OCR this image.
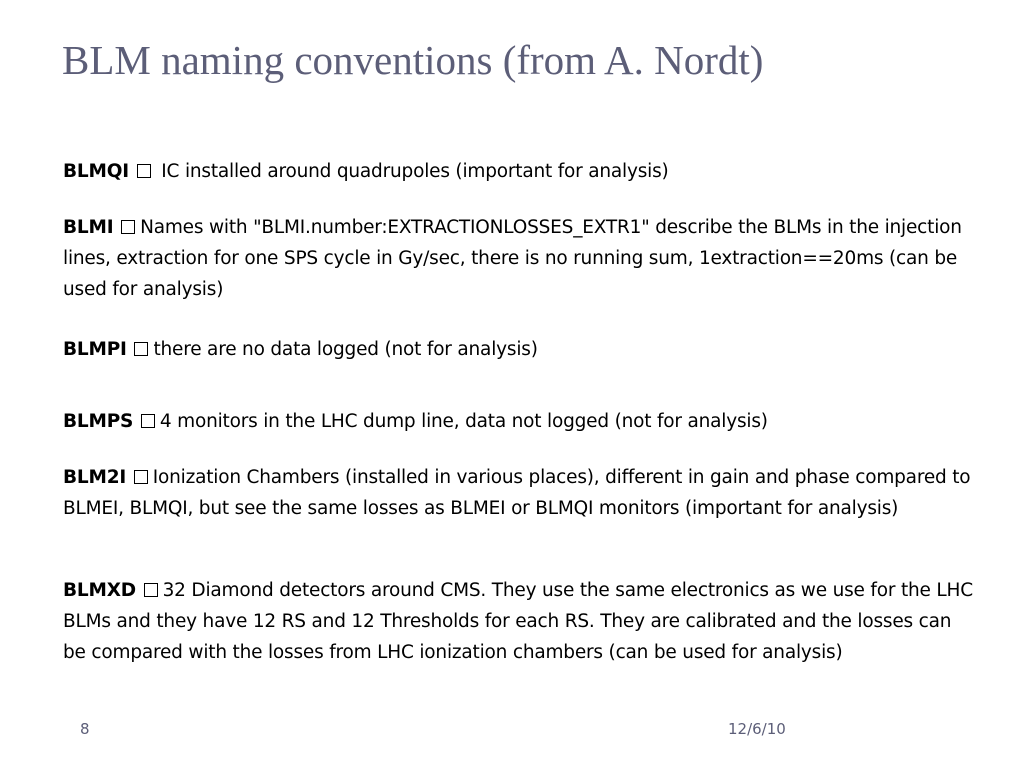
BLM naming conventions (from A. Nordt)

BLMQI  IC installed around quadrupoles (important for analysis)

BLMI Names with "BLMI.number:EXTRACTIONLOSSES_EXTR1" describe the BLMs in the injection lines, extraction for one SPS cycle in Gy/sec, there is no running sum, 1extraction==20ms (can be used for analysis)

BLMPI there are no data logged (not for analysis)

BLMPS 4 monitors in the LHC dump line, data not logged (not for analysis)

BLM2I Ionization Chambers (installed in various places), different in gain and phase compared to BLMEI, BLMQI, but see the same losses as BLMEI or BLMQI monitors (important for analysis)

BLMXD 32 Diamond detectors around CMS. They use the same electronics as we use for the LHC BLMs and they have 12 RS and 12 Thresholds for each RS. They are calibrated and the losses can be compared with the losses from LHC ionization chambers (can be used for analysis)

8	12/6/10
